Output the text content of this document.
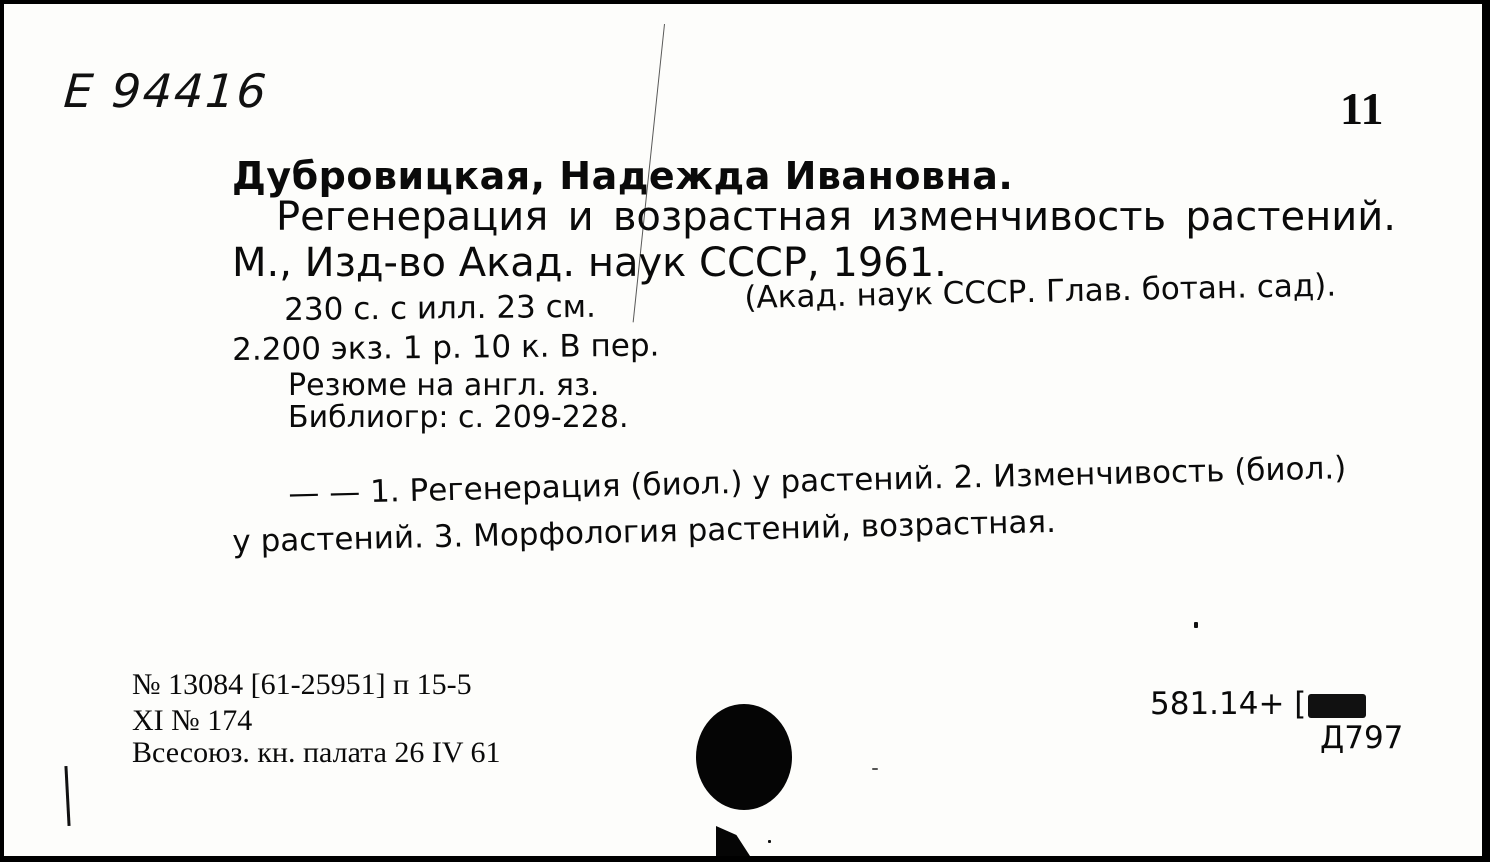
E 94416	11
Дубровицкая, Надежда Ивановна.
Регенерация и возрастная изменчивость растений.
М., Изд-во Акад. наук СССР, 1961.
230 с. с илл. 23 см.	(Акад. наук СССР. Глав. ботан. сад).
2.200 экз. 1 р. 10 к. В пер.
Резюме на англ. яз.
Библиогр: с. 209-228.
— — 1. Регенерация (биол.) у растений. 2. Изменчивость (биол.)
у растений. 3. Морфология растений, возрастная.
№ 13084 [61-25951] п 15-5
XI № 174
Всесоюз. кн. палата 26 IV 61
581.14+ [
Д797
